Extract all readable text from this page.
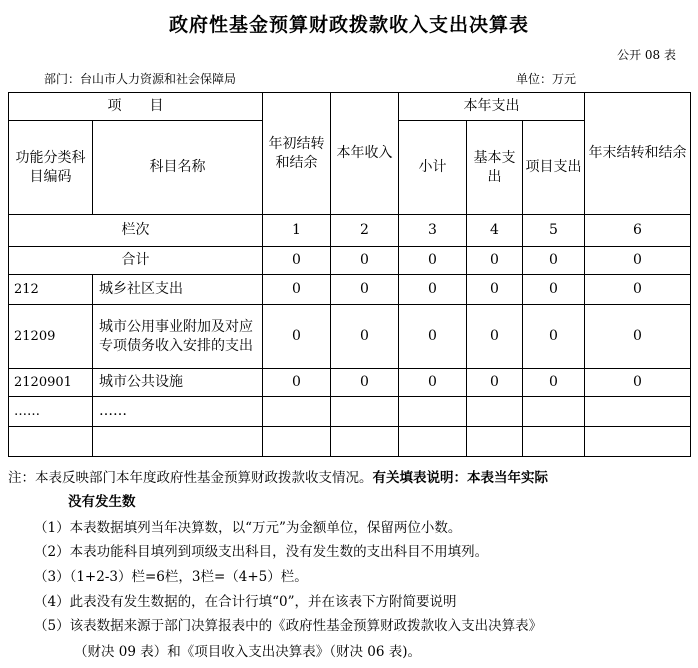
政府性基金预算财政拨款收入支出决算表
公开 08 表
部门：台山市人力资源和社会保障局	单位：万元
项　　目		年初结转和结余	本年收入	本年支出			年末结转和结余
功能分类科目编码	科目名称			小计	基本支出	项目支出	
栏次		1	2	3	4	5	6
合计		0	0	0	0	0	0
212	城乡社区支出	0	0	0	0	0	0
21209	城市公用事业附加及对应专项债务收入安排的支出	0	0	0	0	0	0
2120901	城市公共设施	0	0	0	0	0	0
……	……						

注：本表反映部门本年度政府性基金预算财政拨款收支情况。有关填表说明：本表当年实际
没有发生数
（1）本表数据填列当年决算数，以“万元”为金额单位，保留两位小数。
（2）本表功能科目填列到项级支出科目，没有发生数的支出科目不用填列。
（3）（1+2-3）栏=6栏，3栏=（4+5）栏。
（4）此表没有发生数据的，在合计行填“0”，并在该表下方附简要说明
（5）该表数据来源于部门决算报表中的《政府性基金预算财政拨款收入支出决算表》
（财决 09 表）和《项目收入支出决算表》（财决 06 表)。
